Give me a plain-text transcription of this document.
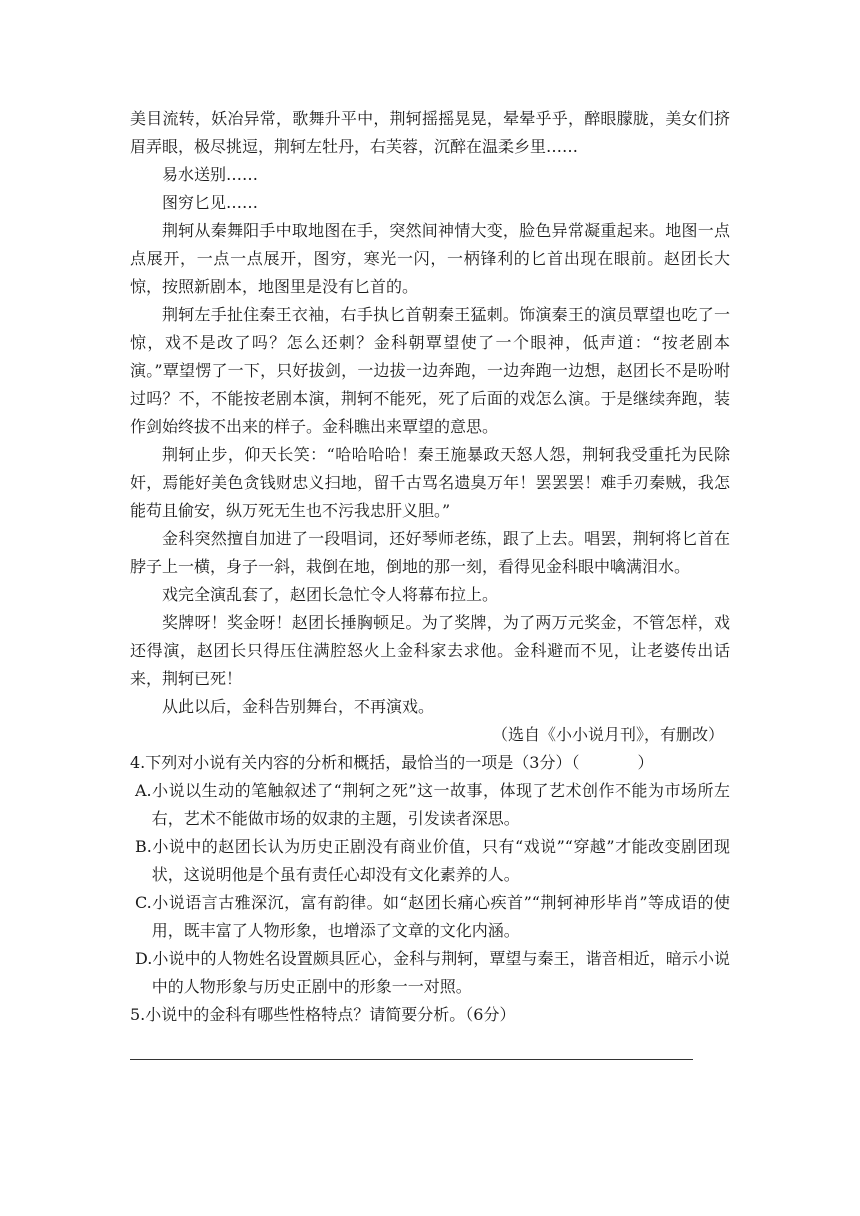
美目流转，妖冶异常，歌舞升平中，荆轲摇摇晃晃，晕晕乎乎，醉眼朦胧，美女们挤眉弄眼，极尽挑逗，荆轲左牡丹，右芙蓉，沉醉在温柔乡里……

易水送别……

图穷匕见……

荆轲从秦舞阳手中取地图在手，突然间神情大变，脸色异常凝重起来。地图一点点展开，一点一点展开，图穷，寒光一闪，一柄锋利的匕首出现在眼前。赵团长大惊，按照新剧本，地图里是没有匕首的。

荆轲左手扯住秦王衣袖，右手执匕首朝秦王猛刺。饰演秦王的演员覃望也吃了一惊，戏不是改了吗？怎么还刺？金科朝覃望使了一个眼神，低声道：“按老剧本演。”覃望愣了一下，只好拔剑，一边拔一边奔跑，一边奔跑一边想，赵团长不是吩咐过吗？不，不能按老剧本演，荆轲不能死，死了后面的戏怎么演。于是继续奔跑，装作剑始终拔不出来的样子。金科瞧出来覃望的意思。

荆轲止步，仰天长笑：“哈哈哈哈！秦王施暴政天怒人怨，荆轲我受重托为民除奸，焉能好美色贪钱财忠义扫地，留千古骂名遗臭万年！罢罢罢！难手刃秦贼，我怎能苟且偷安，纵万死无生也不污我忠肝义胆。”

金科突然擅自加进了一段唱词，还好琴师老练，跟了上去。唱罢，荆轲将匕首在脖子上一横，身子一斜，栽倒在地，倒地的那一刻，看得见金科眼中噙满泪水。

戏完全演乱套了，赵团长急忙令人将幕布拉上。

奖牌呀！奖金呀！赵团长捶胸顿足。为了奖牌，为了两万元奖金，不管怎样，戏还得演，赵团长只得压住满腔怒火上金科家去求他。金科避而不见，让老婆传出话来，荆轲已死！

从此以后，金科告别舞台，不再演戏。

（选自《小小说月刊》，有删改）

4.下列对小说有关内容的分析和概括，最恰当的一项是（3分）（	）

A.小说以生动的笔触叙述了“荆轲之死”这一故事，体现了艺术创作不能为市场所左右，艺术不能做市场的奴隶的主题，引发读者深思。

B.小说中的赵团长认为历史正剧没有商业价值，只有“戏说”“穿越”才能改变剧团现状，这说明他是个虽有责任心却没有文化素养的人。

C.小说语言古雅深沉，富有韵律。如“赵团长痛心疾首”“荆轲神形毕肖”等成语的使用，既丰富了人物形象，也增添了文章的文化内涵。

D.小说中的人物姓名设置颇具匠心，金科与荆轲，覃望与秦王，谐音相近，暗示小说中的人物形象与历史正剧中的形象一一对照。

5.小说中的金科有哪些性格特点？请简要分析。（6分）
